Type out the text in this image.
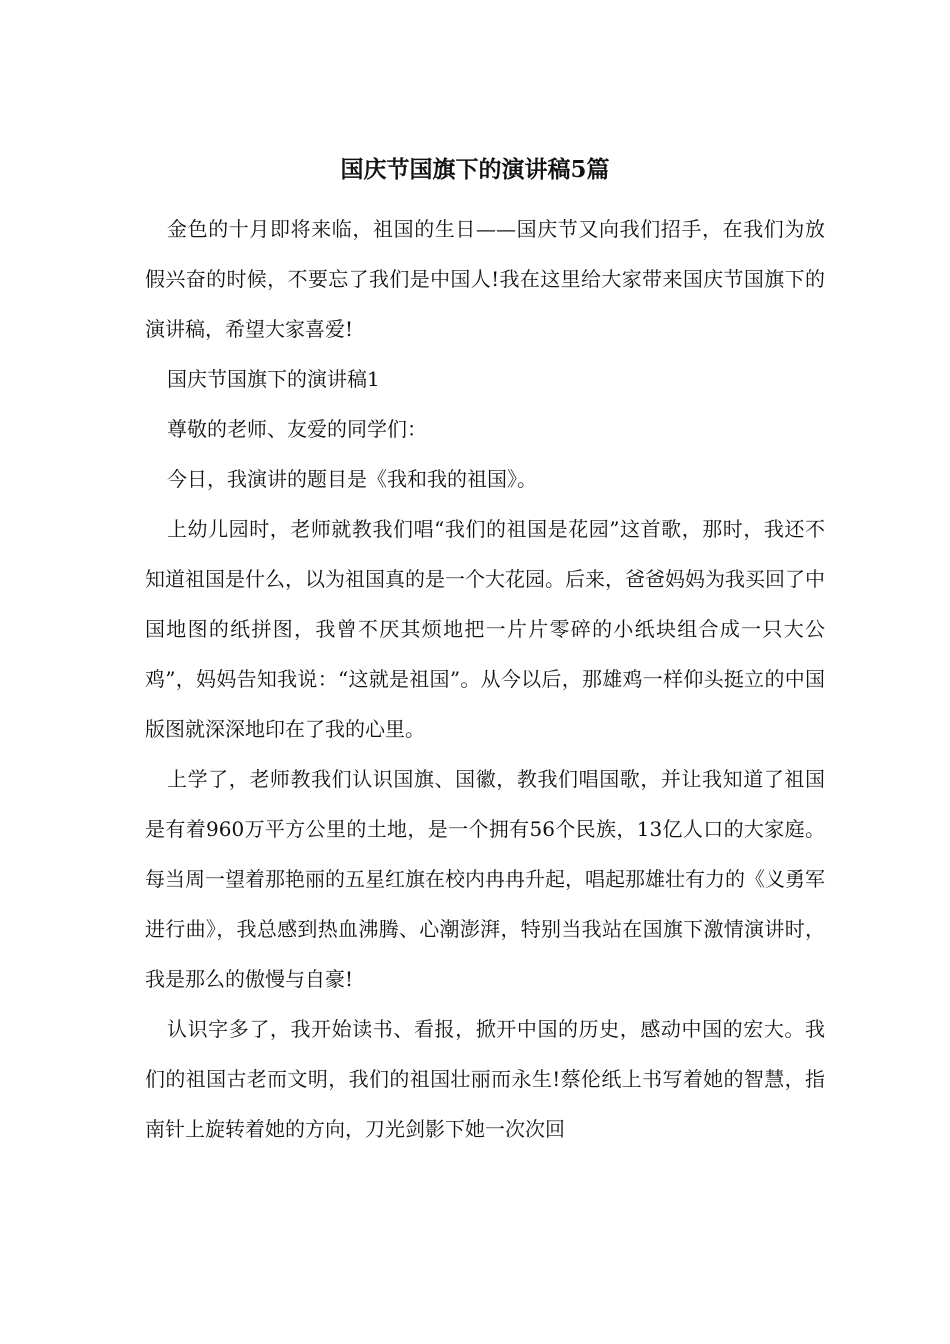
国庆节国旗下的演讲稿5篇

金色的十月即将来临，祖国的生日——国庆节又向我们招手，在我们为放假兴奋的时候，不要忘了我们是中国人!我在这里给大家带来国庆节国旗下的演讲稿，希望大家喜爱!

国庆节国旗下的演讲稿1

尊敬的老师、友爱的同学们：

今日，我演讲的题目是《我和我的祖国》。

上幼儿园时，老师就教我们唱“我们的祖国是花园”这首歌，那时，我还不知道祖国是什么，以为祖国真的是一个大花园。后来，爸爸妈妈为我买回了中国地图的纸拼图，我曾不厌其烦地把一片片零碎的小纸块组合成一只大公鸡”，妈妈告知我说：“这就是祖国”。从今以后，那雄鸡一样仰头挺立的中国版图就深深地印在了我的心里。

上学了，老师教我们认识国旗、国徽，教我们唱国歌，并让我知道了祖国是有着960万平方公里的土地，是一个拥有56个民族，13亿人口的大家庭。每当周一望着那艳丽的五星红旗在校内冉冉升起，唱起那雄壮有力的《义勇军进行曲》，我总感到热血沸腾、心潮澎湃，特别当我站在国旗下激情演讲时，我是那么的傲慢与自豪!

认识字多了，我开始读书、看报，掀开中国的历史，感动中国的宏大。我们的祖国古老而文明，我们的祖国壮丽而永生!蔡伦纸上书写着她的智慧，指南针上旋转着她的方向，刀光剑影下她一次次回
